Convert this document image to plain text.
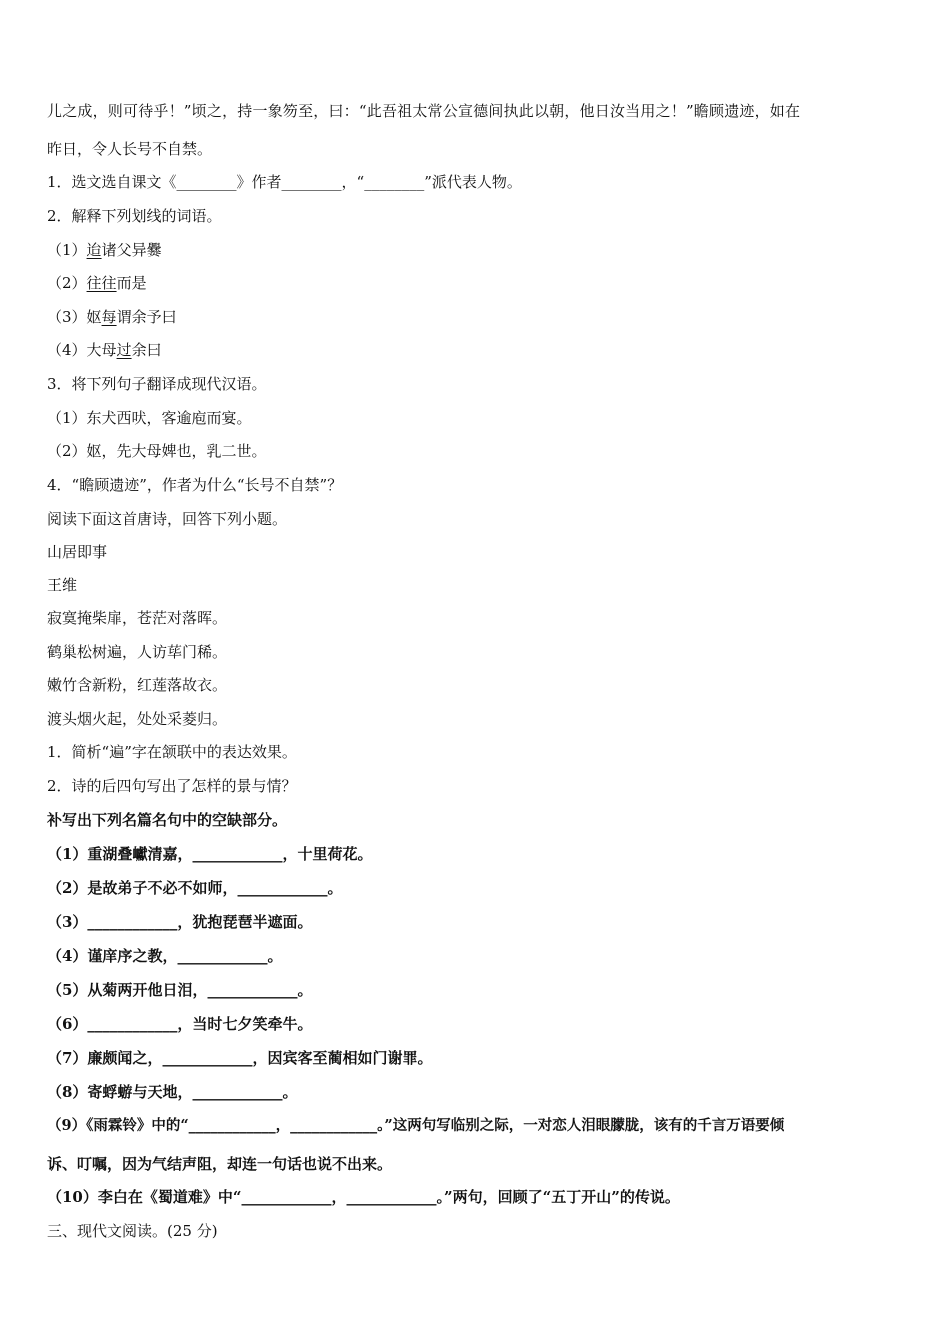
儿之成，则可待乎！”顷之，持一象笏至，曰：“此吾祖太常公宣德间执此以朝，他日汝当用之！”瞻顾遗迹，如在
昨日，令人长号不自禁。
1．选文选自课文《________》作者________，“________”派代表人物。
2．解释下列划线的词语。
（1）迨诸父异爨
（2）往往而是
（3）妪每谓余予曰
（4）大母过余曰
3．将下列句子翻译成现代汉语。
（1）东犬西吠，客逾庖而宴。
（2）妪，先大母婢也，乳二世。
4．“瞻顾遗迹”，作者为什么“长号不自禁”？
阅读下面这首唐诗，回答下列小题。
山居即事
王维
寂寞掩柴扉，苍茫对落晖。
鹤巢松树遍，人访荜门稀。
嫩竹含新粉，红莲落故衣。
渡头烟火起，处处采菱归。
1．简析“遍”字在颔联中的表达效果。
2．诗的后四句写出了怎样的景与情？
补写出下列名篇名句中的空缺部分。
（1）重湖叠巘清嘉，____________，十里荷花。
（2）是故弟子不必不如师，____________。
（3）____________，犹抱琵琶半遮面。
（4）谨庠序之教，____________。
（5）从菊两开他日泪，____________。
（6）____________，当时七夕笑牵牛。
（7）廉颇闻之，____________，因宾客至蔺相如门谢罪。
（8）寄蜉蝣与天地，____________。
（9）《雨霖铃》中的“____________，____________。”这两句写临别之际，一对恋人泪眼朦胧，该有的千言万语要倾
诉、叮嘱，因为气结声阻，却连一句话也说不出来。
（10）李白在《蜀道难》中“____________，____________。”两句，回顾了“五丁开山”的传说。
三、现代文阅读。(25 分)
